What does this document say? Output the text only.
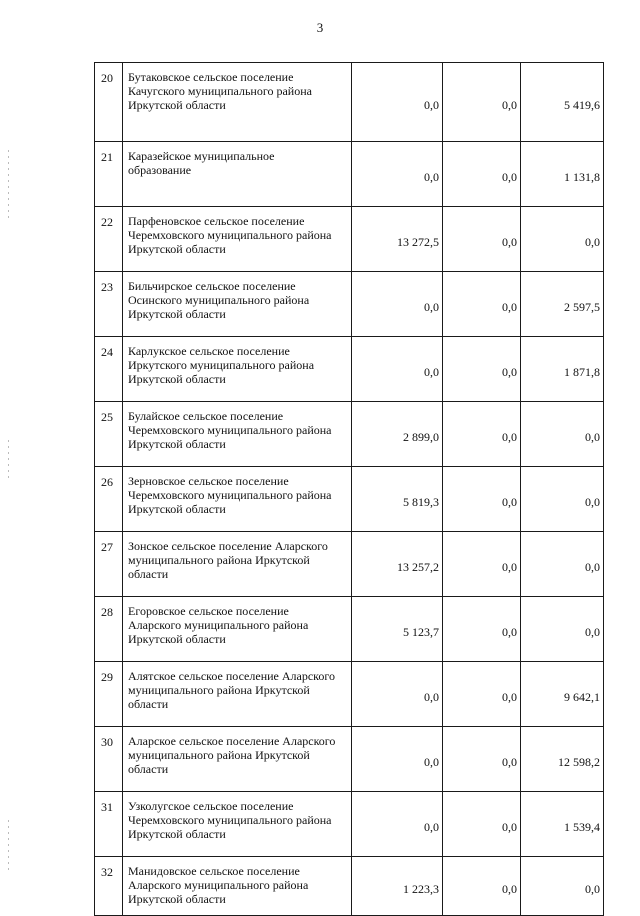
3
20	Бутаковское сельское поселение
Качугского муниципального района
Иркутской области	0,0	0,0	5 419,6
21	Каразейское муниципальное
образование	0,0	0,0	1 131,8
22	Парфеновское сельское поселение
Черемховского муниципального района
Иркутской области	13 272,5	0,0	0,0
23	Бильчирское сельское поселение
Осинского муниципального района
Иркутской области	0,0	0,0	2 597,5
24	Карлукское сельское поселение
Иркутского муниципального района
Иркутской области	0,0	0,0	1 871,8
25	Булайское сельское поселение
Черемховского муниципального района
Иркутской области	2 899,0	0,0	0,0
26	Зерновское сельское поселение
Черемховского муниципального района
Иркутской области	5 819,3	0,0	0,0
27	Зонское сельское поселение Аларского
муниципального района Иркутской
области	13 257,2	0,0	0,0
28	Егоровское сельское поселение
Аларского муниципального района
Иркутской области	5 123,7	0,0	0,0
29	Алятское сельское поселение Аларского
муниципального района Иркутской
области	0,0	0,0	9 642,1
30	Аларское сельское поселение Аларского
муниципального района Иркутской
области	0,0	0,0	12 598,2
31	Узколугское сельское поселение
Черемховского муниципального района
Иркутской области	0,0	0,0	1 539,4
32	Манидовское сельское поселение
Аларского муниципального района
Иркутской области	1 223,3	0,0	0,0
